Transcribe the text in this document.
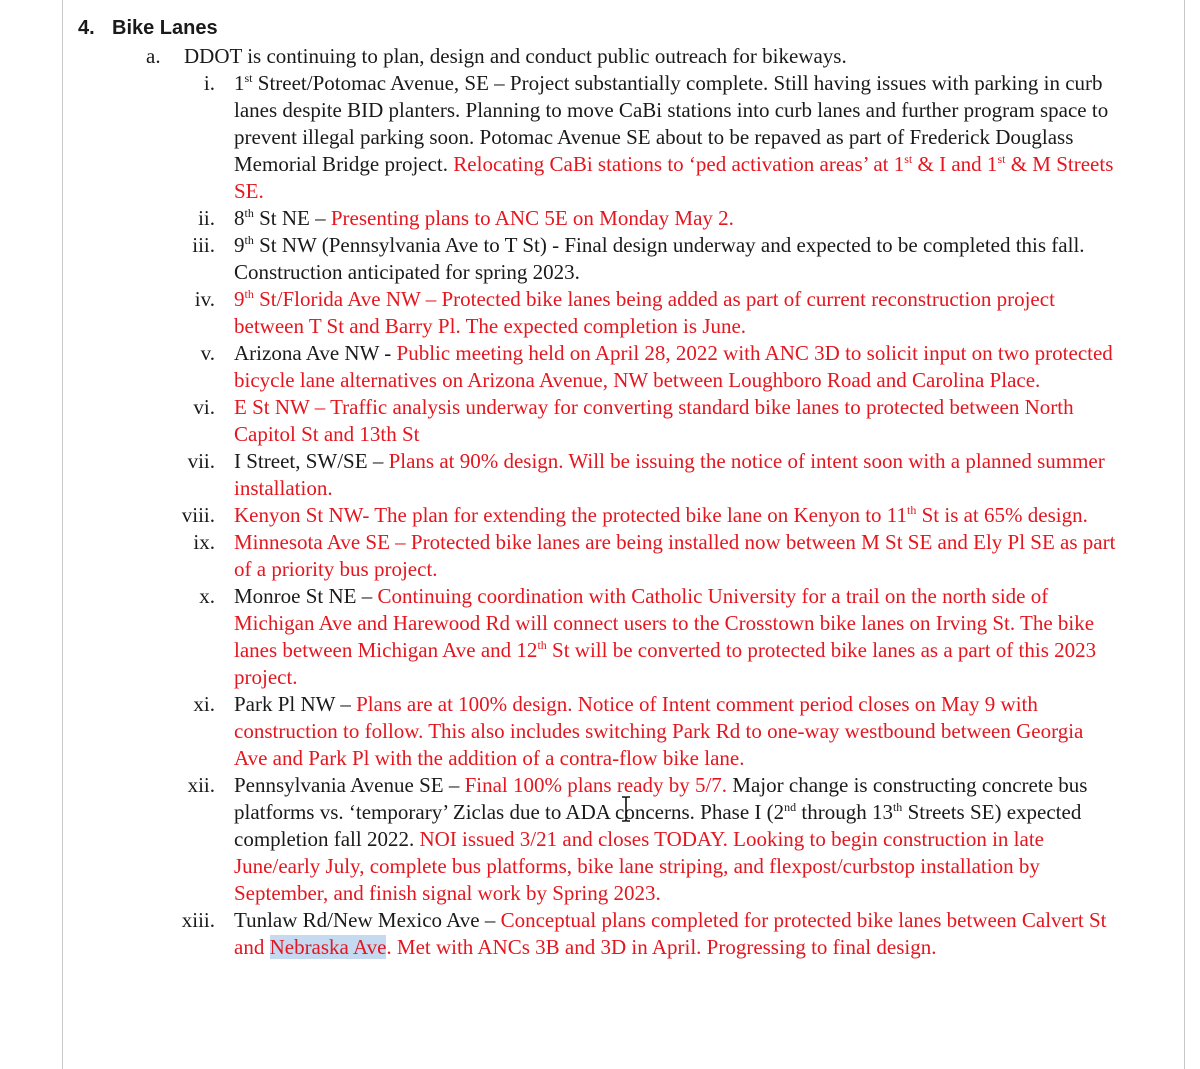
4. Bike Lanes
a. DDOT is continuing to plan, design and conduct public outreach for bikeways.
i. 1st Street/Potomac Avenue, SE – Project substantially complete. Still having issues with parking in curb lanes despite BID planters. Planning to move CaBi stations into curb lanes and further program space to prevent illegal parking soon. Potomac Avenue SE about to be repaved as part of Frederick Douglass Memorial Bridge project. Relocating CaBi stations to ‘ped activation areas’ at 1st & I and 1st & M Streets SE.
ii. 8th St NE – Presenting plans to ANC 5E on Monday May 2.
iii. 9th St NW (Pennsylvania Ave to T St) - Final design underway and expected to be completed this fall. Construction anticipated for spring 2023.
iv. 9th St/Florida Ave NW – Protected bike lanes being added as part of current reconstruction project between T St and Barry Pl. The expected completion is June.
v. Arizona Ave NW - Public meeting held on April 28, 2022 with ANC 3D to solicit input on two protected bicycle lane alternatives on Arizona Avenue, NW between Loughboro Road and Carolina Place.
vi. E St NW – Traffic analysis underway for converting standard bike lanes to protected between North Capitol St and 13th St
vii. I Street, SW/SE – Plans at 90% design. Will be issuing the notice of intent soon with a planned summer installation.
viii. Kenyon St NW- The plan for extending the protected bike lane on Kenyon to 11th St is at 65% design.
ix. Minnesota Ave SE – Protected bike lanes are being installed now between M St SE and Ely Pl SE as part of a priority bus project.
x. Monroe St NE – Continuing coordination with Catholic University for a trail on the north side of Michigan Ave and Harewood Rd will connect users to the Crosstown bike lanes on Irving St. The bike lanes between Michigan Ave and 12th St will be converted to protected bike lanes as a part of this 2023 project.
xi. Park Pl NW – Plans are at 100% design. Notice of Intent comment period closes on May 9 with construction to follow. This also includes switching Park Rd to one-way westbound between Georgia Ave and Park Pl with the addition of a contra-flow bike lane.
xii. Pennsylvania Avenue SE – Final 100% plans ready by 5/7. Major change is constructing concrete bus platforms vs. ‘temporary’ Ziclas due to ADA concerns. Phase I (2nd through 13th Streets SE) expected completion fall 2022. NOI issued 3/21 and closes TODAY. Looking to begin construction in late June/early July, complete bus platforms, bike lane striping, and flexpost/curbstop installation by September, and finish signal work by Spring 2023.
xiii. Tunlaw Rd/New Mexico Ave – Conceptual plans completed for protected bike lanes between Calvert St and Nebraska Ave. Met with ANCs 3B and 3D in April. Progressing to final design.
